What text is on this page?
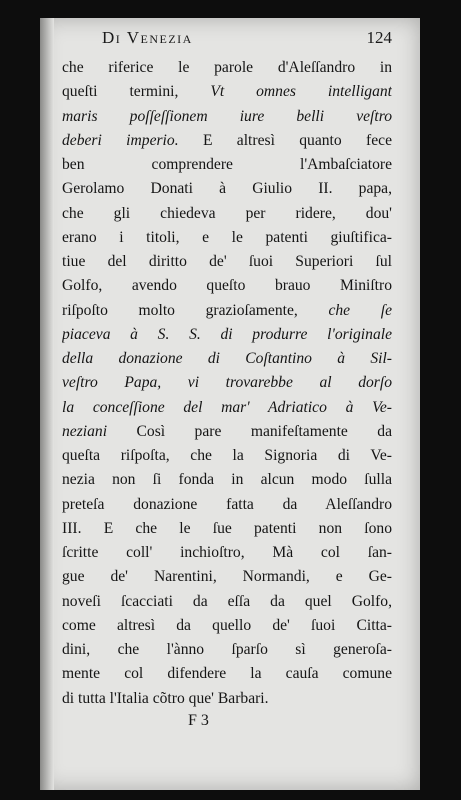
Di Venezia	124
che riferice le parole d'Aleſſandro in
queſti termini, Vt omnes intelligant
maris poſſeſſionem iure belli veſtro
deberi imperio. E altresì quanto fece
ben comprendere l'Ambaſciatore
Gerolamo Donati à Giulio II. papa,
che gli chiedeva per ridere, dou'
erano i titoli, e le patenti giuſtifica-
tiue del diritto de' ſuoi Superiori ſul
Golfo, avendo queſto brauo Miniſtro
riſpoſto molto grazioſamente, che ſe
piaceva à S. S. di produrre l'originale
della donazione di Coſtantino à Sil-
veſtro Papa, vi trovarebbe al dorſo
la conceſſione del mar' Adriatico à Ve-
neziani Così pare manifeſtamente da
queſta riſpoſta, che la Signoria di Ve-
nezia non ſi fonda in alcun modo ſulla
preteſa donazione fatta da Aleſſandro
III. E che le ſue patenti non ſono
ſcritte coll' inchioſtro, Mà col ſan-
gue de' Narentini, Normandi, e Ge-
noveſi ſcacciati da eſſa da quel Golfo,
come altresì da quello de' ſuoi Citta-
dini, che l'ànno ſparſo sì generoſa-
mente col difendere la cauſa comune
di tutta l'Italia cõtro que' Barbari.
F 3
